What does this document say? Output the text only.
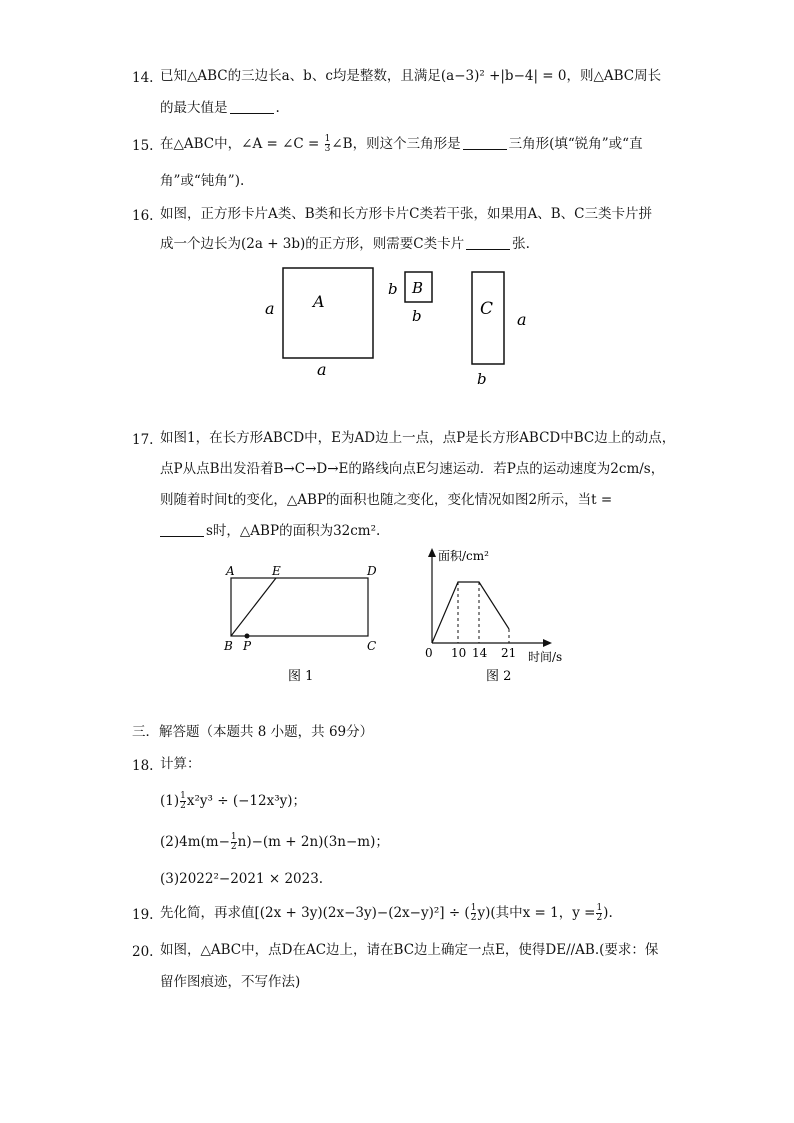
14. 已知△ABC的三边长a、b、c均是整数，且满足(a−3)² +|b−4| = 0，则△ABC周长
的最大值是	.
15. 在△ABC中，∠A = ∠C = $\frac{1}{3}$ ∠B，则这个三角形是	三角形(填“锐角”或“直
角”或“钝角”).
16. 如图，正方形卡片A类、B类和长方形卡片C类若干张，如果用A、B、C三类卡片拼
成一个边长为(2a + 3b)的正方形，则需要C类卡片	张.
A
a
a
B
b
b	C
a
b
17. 如图1，在长方形ABCD中，E为AD边上一点，点P是长方形ABCD中BC边上的动点，
点P从点B出发沿着B→C→D→E的路线向点E匀速运动．若P点的运动速度为2cm/s，
则随着时间t的变化，△ABP的面积也随之变化，变化情况如图2所示，当t =
s时，△ABP的面积为32cm².
A	E	D
B P	C
图 1
面积/cm²
0 10 14 21 时间/s
图 2
三．解答题（本题共 8 小题，共 69分）
18. 计算：
$(1) \frac{1}{2} x^2y^3 \div (-12x^3y)$；
$(2)4m(m- \frac{1}{2} n)-(m + 2n)(3n-m)$；
(3)2022²−2021 × 2023.
19. 先化简，再求值[(2x + 3y)(2x−3y)−(2x−y)²] ÷ ( $\frac{1}{2} y$)(其中x = 1，$y = \frac{1}{2}$ ).
20. 如图，△ABC中，点D在AC边上，请在BC边上确定一点E，使得DE//AB.(要求：保
留作图痕迹，不写作法)
